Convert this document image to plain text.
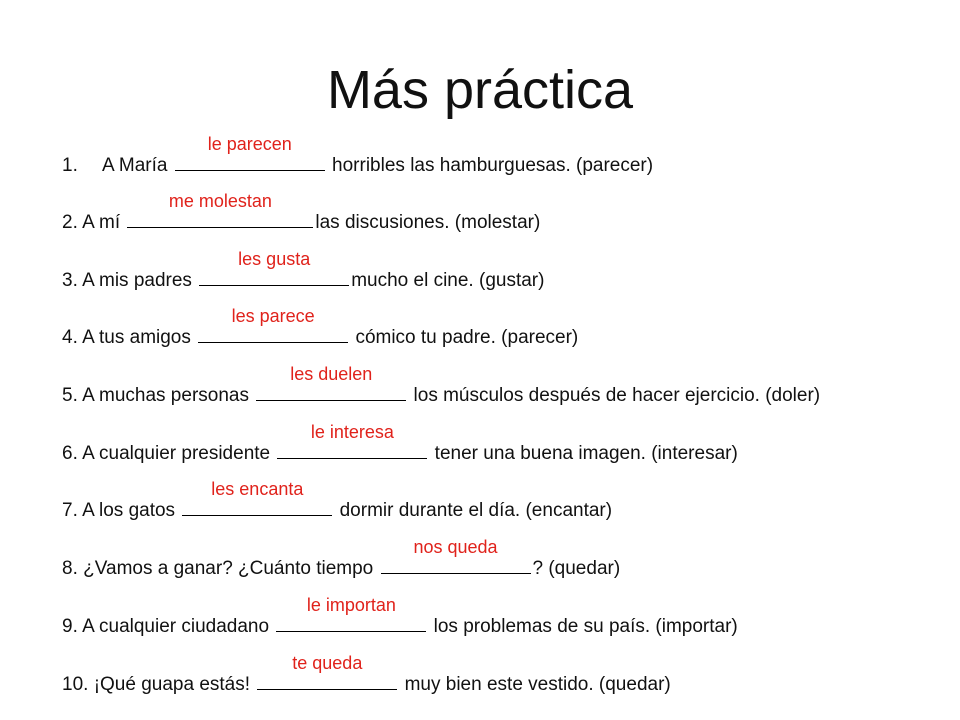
Más práctica
1. A María
le parecen
horribles las hamburguesas. (parecer)
2. A mí
me molestan
las discusiones. (molestar)
3. A mis padres
les gusta
mucho el cine. (gustar)
4. A tus amigos
les parece
cómico tu padre. (parecer)
5. A muchas personas
les duelen
los músculos después de hacer ejercicio. (doler)
6. A cualquier presidente
le interesa
tener una buena imagen. (interesar)
7. A los gatos
les encanta
dormir durante el día. (encantar)
8. ¿Vamos a ganar? ¿Cuánto tiempo
nos queda
? (quedar)
9. A cualquier ciudadano
le importan
los problemas de su país. (importar)
10. ¡Qué guapa estás!
te queda
muy bien este vestido. (quedar)
